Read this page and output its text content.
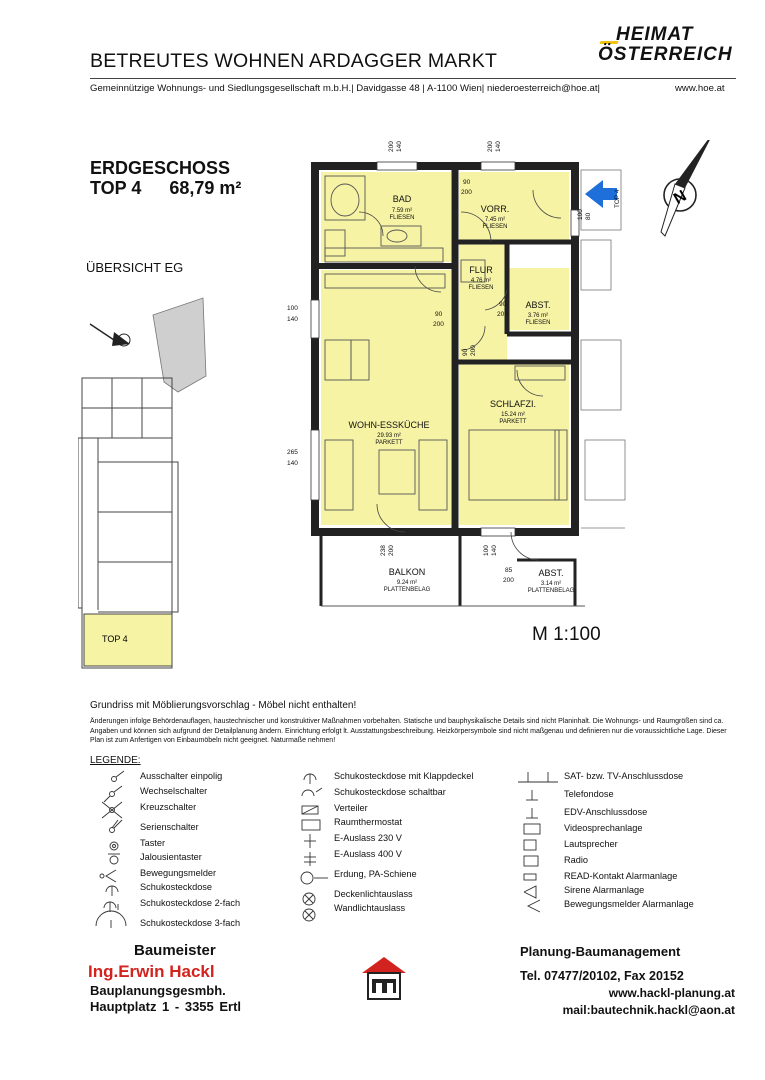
BETREUTES WOHNEN ARDAGGER MARKT
HEIMAT
ÖSTERREICH
Gemeinnützige Wohnungs- und Siedlungsgesellschaft m.b.H.| Davidgasse 48 | A-1100 Wien| niederoesterreich@hoe.at|	www.hoe.at
ERDGESCHOSS
TOP 4 68,79 m²
ÜBERSICHT EG
TOP 4
N
BAD
7.59 m²
FLIESEN
VORR.
7.45 m²
FLIESEN
FLUR
4.76 m²
FLIESEN
ABST.
3.76 m²
FLIESEN
WOHN-ESSKÜCHE
29.93 m²
PARKETT
SCHLAFZI.
15.24 m²
PARKETT
BALKON
9.24 m²
PLATTENBELAG
ABST.
3.14 m²
PLATTENBELAG
200 140	200 140
90
200
100
140
90
200
90
200
90 200
265
140
238 200	100 140
85
200
100 80
TOP 4
M 1:100
Grundriss mit Möblierungsvorschlag - Möbel nicht enthalten!
Änderungen infolge Behördenauflagen, haustechnischer und konstruktiver Maßnahmen vorbehalten. Statische und bauphysikalische Details sind nicht Planinhalt. Die Wohnungs- und Raumgrößen sind ca. Angaben und können sich aufgrund der Detailplanung ändern. Einrichtung erfolgt lt. Ausstattungsbeschreibung. Heizkörpersymbole sind nicht maßgenau und definieren nur die voraussichtliche Lage. Dieser Plan ist zum Anfertigen von Einbaumöbeln nicht geeignet. Naturmaße nehmen!
LEGENDE:
Ausschalter einpolig
Wechselschalter
Kreuzschalter
Serienschalter
Taster
Jalousientaster
Bewegungsmelder
Schukosteckdose
Schukosteckdose 2-fach
Schukosteckdose 3-fach
Schukosteckdose mit Klappdeckel
Schukosteckdose schaltbar
Verteiler
Raumthermostat
E-Auslass 230 V
E-Auslass 400 V
Erdung, PA-Schiene
Deckenlichtauslass
Wandlichtauslass
SAT- bzw. TV-Anschlussdose
Telefondose
EDV-Anschlussdose
Videosprechanlage
Lautsprecher
Radio
READ-Kontakt Alarmanlage
Sirene Alarmanlage
Bewegungsmelder Alarmanlage
Baumeister
Ing.Erwin Hackl
Bauplanungsgesmbh.
Hauptplatz 1 - 3355 Ertl
Planung-Baumanagement
Tel. 07477/20102, Fax 20152
www.hackl-planung.at
mail:bautechnik.hackl@aon.at
